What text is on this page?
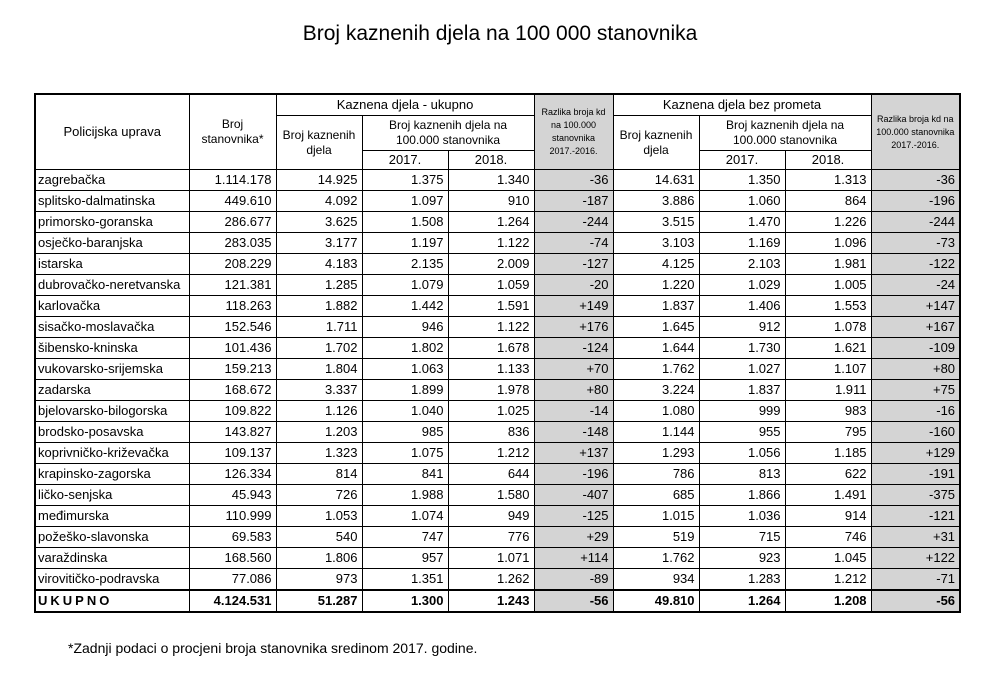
Broj kaznenih djela na 100 000 stanovnika
Policijska uprava	Broj stanovnika*	Kaznena djela - ukupno			Razlika broja kd na 100.000 stanovnika 2017.-2016.	Kaznena djela bez prometa			Razlika broja kd na 100.000 stanovnika 2017.-2016.
		Broj kaznenih djela	Broj kaznenih djela na 100.000 stanovnika			Broj kaznenih djela	Broj kaznenih djela na 100.000 stanovnika		
			2017.	2018.			2017.	2018.	
zagrebačka	1.114.178	14.925	1.375	1.340	-36	14.631	1.350	1.313	-36
splitsko-dalmatinska	449.610	4.092	1.097	910	-187	3.886	1.060	864	-196
primorsko-goranska	286.677	3.625	1.508	1.264	-244	3.515	1.470	1.226	-244
osječko-baranjska	283.035	3.177	1.197	1.122	-74	3.103	1.169	1.096	-73
istarska	208.229	4.183	2.135	2.009	-127	4.125	2.103	1.981	-122
dubrovačko-neretvanska	121.381	1.285	1.079	1.059	-20	1.220	1.029	1.005	-24
karlovačka	118.263	1.882	1.442	1.591	+149	1.837	1.406	1.553	+147
sisačko-moslavačka	152.546	1.711	946	1.122	+176	1.645	912	1.078	+167
šibensko-kninska	101.436	1.702	1.802	1.678	-124	1.644	1.730	1.621	-109
vukovarsko-srijemska	159.213	1.804	1.063	1.133	+70	1.762	1.027	1.107	+80
zadarska	168.672	3.337	1.899	1.978	+80	3.224	1.837	1.911	+75
bjelovarsko-bilogorska	109.822	1.126	1.040	1.025	-14	1.080	999	983	-16
brodsko-posavska	143.827	1.203	985	836	-148	1.144	955	795	-160
koprivničko-križevačka	109.137	1.323	1.075	1.212	+137	1.293	1.056	1.185	+129
krapinsko-zagorska	126.334	814	841	644	-196	786	813	622	-191
ličko-senjska	45.943	726	1.988	1.580	-407	685	1.866	1.491	-375
međimurska	110.999	1.053	1.074	949	-125	1.015	1.036	914	-121
požeško-slavonska	69.583	540	747	776	+29	519	715	746	+31
varaždinska	168.560	1.806	957	1.071	+114	1.762	923	1.045	+122
virovitičko-podravska	77.086	973	1.351	1.262	-89	934	1.283	1.212	-71
UKUPNO	4.124.531	51.287	1.300	1.243	-56	49.810	1.264	1.208	-56
*Zadnji podaci o procjeni broja stanovnika sredinom 2017. godine.
